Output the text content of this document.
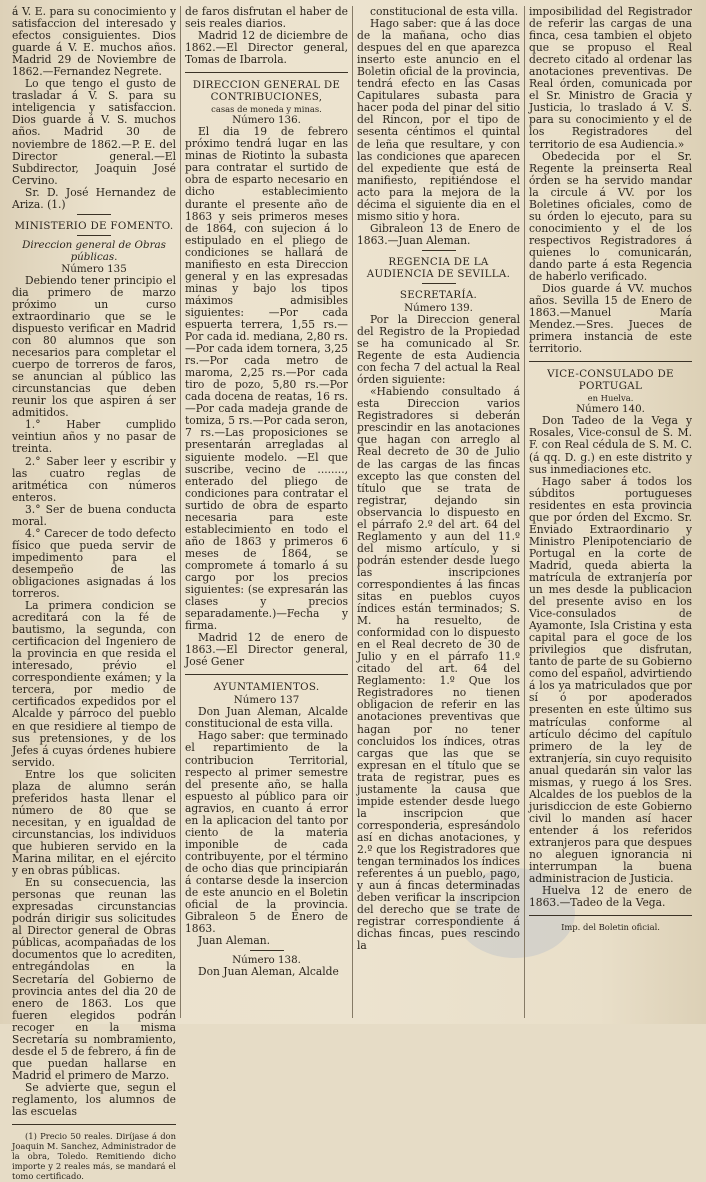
á V. E. para su conocimiento y satisfaccion del interesado y efectos consiguientes. Dios guarde á V. E. muchos años. Madrid 29 de Noviembre de 1862.—Fernandez Negrete.

Lo que tengo el gusto de trasladar á V. S. para su inteligencia y satisfaccion. Dios guarde á V. S. muchos años. Madrid 30 de noviembre de 1862.—P. E. del Director general.—El Subdirector, Joaquin José Cervino.

Sr. D. José Hernandez de Ariza. (1.)

MINISTERIO DE FOMENTO.
Direccion general de Obras públicas.
Número 135

Debiendo tener principio el dia primero de marzo próximo un curso extraordinario que se le dispuesto verificar en Madrid con 80 alumnos que son necesarios para completar el cuerpo de torreros de faros, se anuncian al público las circunstancias que deben reunir los que aspiren á ser admitidos.

1.° Haber cumplido veintiun años y no pasar de treinta.

2.° Saber leer y escribir y las cuatro reglas de aritmética con números enteros.

3.° Ser de buena conducta moral.

4.° Carecer de todo defecto físico que pueda servir de impedimento para el desempeño de las obligaciones asignadas á los torreros.

La primera condicion se acreditará con la fé de bautismo, la segunda, con certificacion del Ingeniero de la provincia en que resida el interesado, prévio el correspondiente exámen; y la tercera, por medio de certificados expedidos por el Alcalde y párroco del pueblo en que residiere al tiempo de sus pretensiones, y de los Jefes á cuyas órdenes hubiere servido.

Entre los que soliciten plaza de alumno serán preferidos hasta llenar el número de 80 que se necesitan, y en igualdad de circunstancias, los individuos que hubieren servido en la Marina militar, en el ejército y en obras públicas.

En su consecuencia, las personas que reunan las expresadas circunstancias podrán dirigir sus solicitudes al Director general de Obras públicas, acompañadas de los documentos que lo acrediten, entregándolas en la Secretaría del Gobierno de provincia antes del dia 20 de enero de 1863. Los que fueren elegidos podrán recoger en la misma Secretaría su nombramiento, desde el 5 de febrero, á fin de que puedan hallarse en Madrid el primero de Marzo.

Se advierte que, segun el reglamento, los alumnos de las escuelas

(1) Precio 50 reales. Diríjase á don Joaquin M. Sanchez, Administrador de la obra, Toledo. Remitiendo dicho importe y 2 reales más, se mandará el tomo certificado.

de faros disfrutan el haber de seis reales diarios.

Madrid 12 de diciembre de 1862.—El Director general, Tomas de Ibarrola.

DIRECCION GENERAL DE CONTRIBUCIONES,
casas de moneda y minas.
Número 136.

El dia 19 de febrero próximo tendrá lugar en las minas de Riotinto la subasta para contratar el surtido de obra de esparto necesario en dicho establecimiento durante el presente año de 1863 y seis primeros meses de 1864, con sujecion á lo estipulado en el pliego de condiciones se hallará de manifiesto en esta Direccion general y en las expresadas minas y bajo los tipos máximos admisibles siguientes: —Por cada espuerta terrera, 1,55 rs.—Por cada id. mediana, 2,80 rs.—Por cada idem tornera, 3,25 rs.—Por cada metro de maroma, 2,25 rs.—Por cada tiro de pozo, 5,80 rs.—Por cada docena de reatas, 16 rs.—Por cada madeja grande de tomiza, 5 rs.—Por cada seron, 7 rs.—Las proposiciones se presentarán arregladas al siguiente modelo. —El que suscribe, vecino de ........, enterado del pliego de condiciones para contratar el surtido de obra de esparto necesaria para este establecimiento en todo el año de 1863 y primeros 6 meses de 1864, se compromete á tomarlo á su cargo por los precios siguientes: (se expresarán las clases y precios separadamente.)—Fecha y firma.

Madrid 12 de enero de 1863.—El Director general, José Gener

AYUNTAMIENTOS.
Número 137

Don Juan Aleman, Alcalde constitucional de esta villa.

Hago saber: que terminado el repartimiento de la contribucion Territorial, respecto al primer semestre del presente año, se halla espuesto al público para oir agravios, en cuanto á error en la aplicacion del tanto por ciento de la materia imponible de cada contribuyente, por el término de ocho dias que principiarán á contarse desde la insercion de este anuncio en el Boletin oficial de la provincia. Gibraleon 5 de Enero de 1863.

Juan Aleman.

Número 138.

Don Juan Aleman, Alcalde

constitucional de esta villa.

Hago saber: que á las doce de la mañana, ocho dias despues del en que aparezca inserto este anuncio en el Boletin oficial de la provincia, tendrá efecto en las Casas Capitulares subasta para hacer poda del pinar del sitio del Rincon, por el tipo de sesenta céntimos el quintal de leña que resultare, y con las condiciones que aparecen del expediente que está de manifiesto, repitiéndose el acto para la mejora de la décima el siguiente dia en el mismo sitio y hora.

Gibraleon 13 de Enero de 1863.—Juan Aleman.

REGENCIA DE LA AUDIENCIA DE SEVILLA.
SECRETARÍA.
Número 139.

Por la Direccion general del Registro de la Propiedad se ha comunicado al Sr. Regente de esta Audiencia con fecha 7 del actual la Real órden siguiente:

«Habiendo consultado á esta Direccion varios Registradores si deberán prescindir en las anotaciones que hagan con arreglo al Real decreto de 30 de Julio de las cargas de las fincas excepto las que consten del título que se trata de registrar, dejando sin observancia lo dispuesto en el párrafo 2.º del art. 64 del Reglamento y aun del 11.º del mismo artículo, y si podrán estender desde luego las inscripciones correspondientes á las fincas sitas en pueblos cuyos índices están terminados; S. M. ha resuelto, de conformidad con lo dispuesto en el Real decreto de 30 de Julio y en el párrafo 11.º citado del art. 64 del Reglamento: 1.º Que los Registradores no tienen obligacion de referir en las anotaciones preventivas que hagan por no tener concluidos los índices, otras cargas que las que se expresan en el título que se trata de registrar, pues es justamente la causa que impide estender desde luego la inscripcion que corresponderia, espresándolo así en dichas anotaciones, y 2.º que los Registradores que tengan terminados los índices referentes á un pueblo, pago, y aun á fincas determinadas deben verificar la inscripcion del derecho que se trate de registrar correspondiente á dichas fincas, pues rescindo la

imposibilidad del Registrador de referir las cargas de una finca, cesa tambien el objeto que se propuso el Real decreto citado al ordenar las anotaciones preventivas. De Real órden, comunicada por el Sr. Ministro de Gracia y Justicia, lo traslado á V. S. para su conocimiento y el de los Registradores del territorio de esa Audiencia.»

Obedecida por el Sr. Regente la preinserta Real órden se ha servido mandar la circule á VV. por los Boletines oficiales, como de su órden lo ejecuto, para su conocimiento y el de los respectivos Registradores á quienes lo comunicarán, dando parte á esta Regencia de haberlo verificado.

Dios guarde á VV. muchos años. Sevilla 15 de Enero de 1863.—Manuel María Mendez.—Sres. Jueces de primera instancia de este territorio.

VICE-CONSULADO DE PORTUGAL
en Huelva.
Número 140.

Don Tadeo de la Vega y Rosales, Vice-consul de S. M. F. con Real cédula de S. M. C. (á qq. D. g.) en este distrito y sus inmediaciones etc.

Hago saber á todos los súbditos portugueses residentes en esta provincia que por órden del Excmo. Sr. Enviado Extraordinario y Ministro Plenipotenciario de Portugal en la corte de Madrid, queda abierta la matrícula de extranjería por un mes desde la publicacion del presente aviso en los Vice-consulados de Ayamonte, Isla Cristina y esta capital para el goce de los privilegios que disfrutan, tanto de parte de su Gobierno como del español, advirtiendo á los ya matriculados que por sí ó por apoderados presenten en este último sus matrículas conforme al artículo décimo del capítulo primero de la ley de extranjería, sin cuyo requisito anual quedarán sin valor las mismas, y ruego á los Sres. Alcaldes de los pueblos de la jurisdiccion de este Gobierno civil lo manden así hacer entender á los referidos extranjeros para que despues no aleguen ignorancia ni interrumpan la buena administracion de Justicia.

Huelva 12 de enero de 1863.—Tadeo de la Vega.

Imp. del Boletin oficial.
